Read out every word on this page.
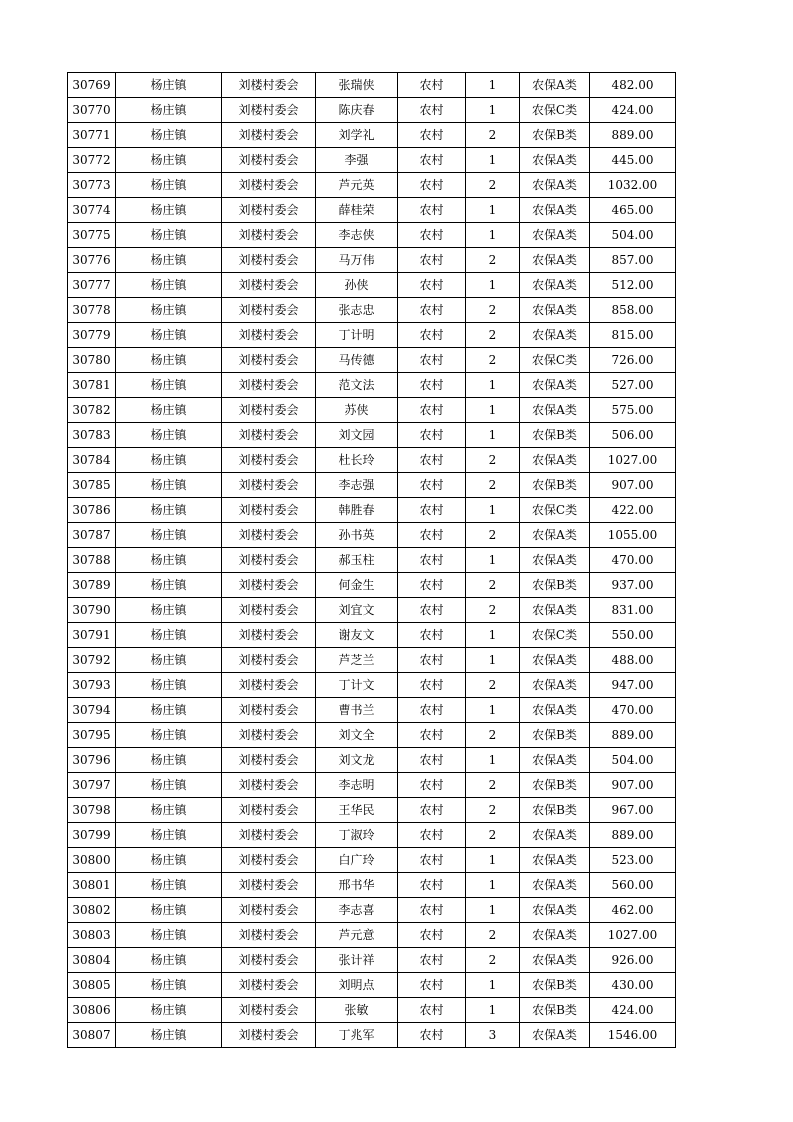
30769	杨庄镇	刘楼村委会	张瑞侠	农村	1	农保A类	482.00
30770	杨庄镇	刘楼村委会	陈庆春	农村	1	农保C类	424.00
30771	杨庄镇	刘楼村委会	刘学礼	农村	2	农保B类	889.00
30772	杨庄镇	刘楼村委会	李强	农村	1	农保A类	445.00
30773	杨庄镇	刘楼村委会	芦元英	农村	2	农保A类	1032.00
30774	杨庄镇	刘楼村委会	薛桂荣	农村	1	农保A类	465.00
30775	杨庄镇	刘楼村委会	李志侠	农村	1	农保A类	504.00
30776	杨庄镇	刘楼村委会	马万伟	农村	2	农保A类	857.00
30777	杨庄镇	刘楼村委会	孙侠	农村	1	农保A类	512.00
30778	杨庄镇	刘楼村委会	张志忠	农村	2	农保A类	858.00
30779	杨庄镇	刘楼村委会	丁计明	农村	2	农保A类	815.00
30780	杨庄镇	刘楼村委会	马传德	农村	2	农保C类	726.00
30781	杨庄镇	刘楼村委会	范文法	农村	1	农保A类	527.00
30782	杨庄镇	刘楼村委会	苏侠	农村	1	农保A类	575.00
30783	杨庄镇	刘楼村委会	刘文园	农村	1	农保B类	506.00
30784	杨庄镇	刘楼村委会	杜长玲	农村	2	农保A类	1027.00
30785	杨庄镇	刘楼村委会	李志强	农村	2	农保B类	907.00
30786	杨庄镇	刘楼村委会	韩胜春	农村	1	农保C类	422.00
30787	杨庄镇	刘楼村委会	孙书英	农村	2	农保A类	1055.00
30788	杨庄镇	刘楼村委会	郝玉柱	农村	1	农保A类	470.00
30789	杨庄镇	刘楼村委会	何金生	农村	2	农保B类	937.00
30790	杨庄镇	刘楼村委会	刘宜文	农村	2	农保A类	831.00
30791	杨庄镇	刘楼村委会	谢友文	农村	1	农保C类	550.00
30792	杨庄镇	刘楼村委会	芦芝兰	农村	1	农保A类	488.00
30793	杨庄镇	刘楼村委会	丁计文	农村	2	农保A类	947.00
30794	杨庄镇	刘楼村委会	曹书兰	农村	1	农保A类	470.00
30795	杨庄镇	刘楼村委会	刘文全	农村	2	农保B类	889.00
30796	杨庄镇	刘楼村委会	刘文龙	农村	1	农保A类	504.00
30797	杨庄镇	刘楼村委会	李志明	农村	2	农保B类	907.00
30798	杨庄镇	刘楼村委会	王华民	农村	2	农保B类	967.00
30799	杨庄镇	刘楼村委会	丁淑玲	农村	2	农保A类	889.00
30800	杨庄镇	刘楼村委会	白广玲	农村	1	农保A类	523.00
30801	杨庄镇	刘楼村委会	邢书华	农村	1	农保A类	560.00
30802	杨庄镇	刘楼村委会	李志喜	农村	1	农保A类	462.00
30803	杨庄镇	刘楼村委会	芦元意	农村	2	农保A类	1027.00
30804	杨庄镇	刘楼村委会	张计祥	农村	2	农保A类	926.00
30805	杨庄镇	刘楼村委会	刘明点	农村	1	农保B类	430.00
30806	杨庄镇	刘楼村委会	张敏	农村	1	农保B类	424.00
30807	杨庄镇	刘楼村委会	丁兆军	农村	3	农保A类	1546.00
